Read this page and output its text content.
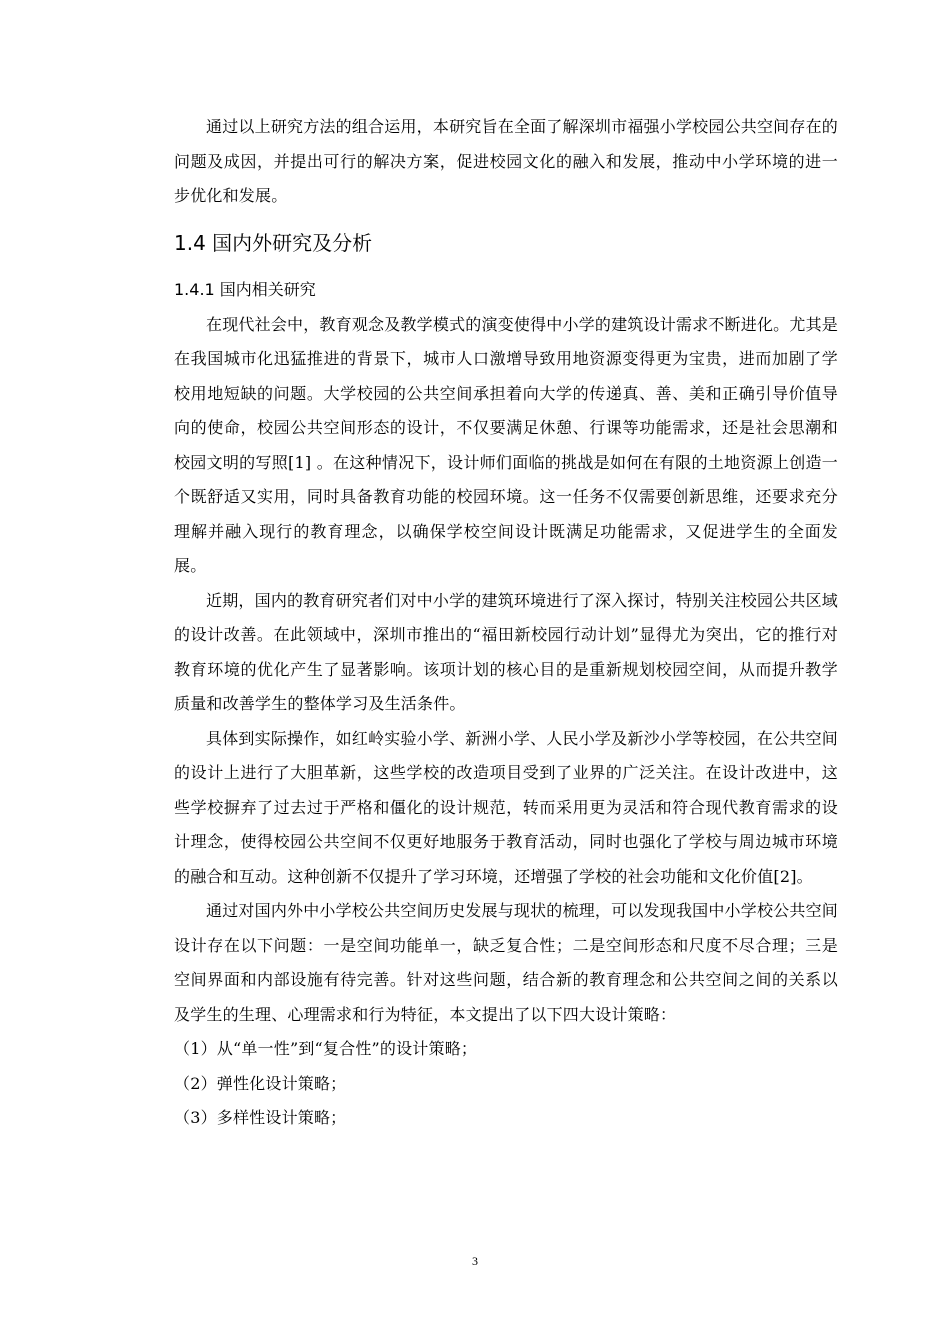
通过以上研究方法的组合运用，本研究旨在全面了解深圳市福强小学校园公共空间存在的问题及成因，并提出可行的解决方案，促进校园文化的融入和发展，推动中小学环境的进一步优化和发展。

1.4 国内外研究及分析
1.4.1 国内相关研究

在现代社会中，教育观念及教学模式的演变使得中小学的建筑设计需求不断进化。尤其是在我国城市化迅猛推进的背景下，城市人口激增导致用地资源变得更为宝贵，进而加剧了学校用地短缺的问题。大学校园的公共空间承担着向大学的传递真、善、美和正确引导价值导向的使命，校园公共空间形态的设计，不仅要满足休憩、行课等功能需求，还是社会思潮和校园文明的写照[1] 。在这种情况下，设计师们面临的挑战是如何在有限的土地资源上创造一个既舒适又实用，同时具备教育功能的校园环境。这一任务不仅需要创新思维，还要求充分理解并融入现行的教育理念，以确保学校空间设计既满足功能需求，又促进学生的全面发展。

近期，国内的教育研究者们对中小学的建筑环境进行了深入探讨，特别关注校园公共区域的设计改善。在此领域中，深圳市推出的“福田新校园行动计划”显得尤为突出，它的推行对教育环境的优化产生了显著影响。该项计划的核心目的是重新规划校园空间，从而提升教学质量和改善学生的整体学习及生活条件。

具体到实际操作，如红岭实验小学、新洲小学、人民小学及新沙小学等校园，在公共空间的设计上进行了大胆革新，这些学校的改造项目受到了业界的广泛关注。在设计改进中，这些学校摒弃了过去过于严格和僵化的设计规范，转而采用更为灵活和符合现代教育需求的设计理念，使得校园公共空间不仅更好地服务于教育活动，同时也强化了学校与周边城市环境的融合和互动。这种创新不仅提升了学习环境，还增强了学校的社会功能和文化价值[2]。

通过对国内外中小学校公共空间历史发展与现状的梳理，可以发现我国中小学校公共空间设计存在以下问题：一是空间功能单一，缺乏复合性；二是空间形态和尺度不尽合理；三是空间界面和内部设施有待完善。针对这些问题，结合新的教育理念和公共空间之间的关系以及学生的生理、心理需求和行为特征，本文提出了以下四大设计策略：

（1）从“单一性”到“复合性”的设计策略；

（2）弹性化设计策略；

（3）多样性设计策略；

3
